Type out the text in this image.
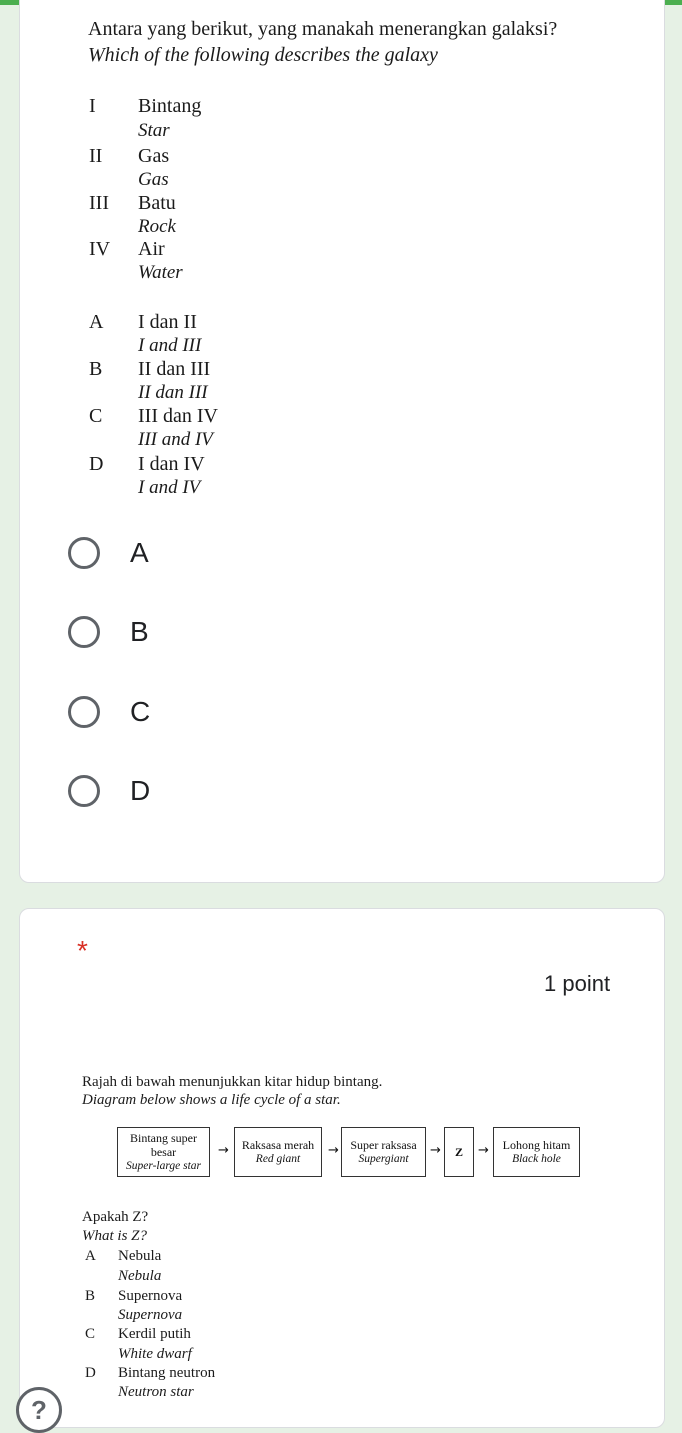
Antara yang berikut, yang manakah menerangkan galaksi?
Which of the following describes the galaxy
I Bintang
Star
II Gas
Gas
III Batu
Rock
IV Air
Water
A I dan II
I and III
B II dan III
II dan III
C III dan IV
III and IV
D I dan IV
I and IV
A
B
C
D
*
1 point
Rajah di bawah menunjukkan kitar hidup bintang.
Diagram below shows a life cycle of a star.
Bintang super
besar
Super-large star
→ Raksasa merah
Red giant
→ Super raksasa
Supergiant
→ Z → Lohong hitam
Black hole
Apakah Z?
What is Z?
A Nebula
Nebula
B Supernova
Supernova
C Kerdil putih
White dwarf
D Bintang neutron
Neutron star
?
